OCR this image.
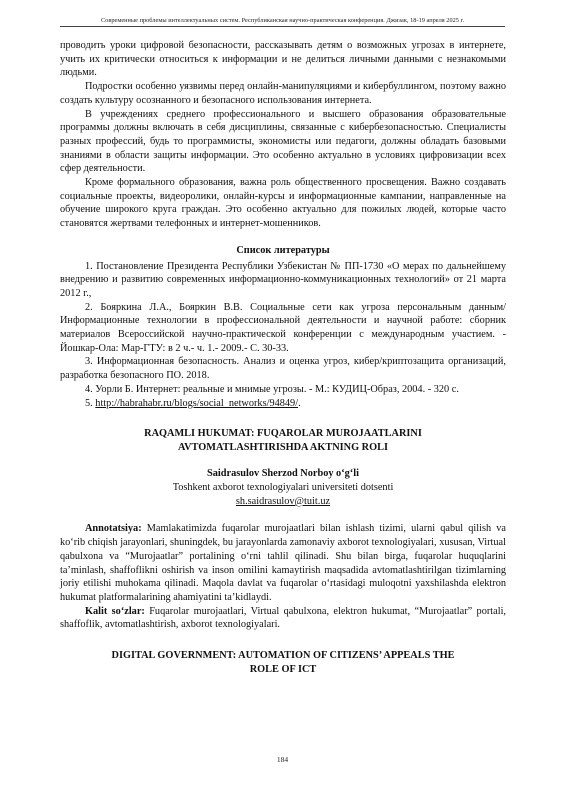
Современные проблемы интеллектуальных систем. Республиканская научно-практическая конференция. Джизак, 18-19 апреля 2025 г.

проводить уроки цифровой безопасности, рассказывать детям о возможных угрозах в интернете, учить их критически относиться к информации и не делиться личными данными с незнакомыми людьми.

Подростки особенно уязвимы перед онлайн-манипуляциями и кибербуллингом, поэтому важно создать культуру осознанного и безопасного использования интернета.

В учреждениях среднего профессионального и высшего образования образовательные программы должны включать в себя дисциплины, связанные с кибербезопасностью. Специалисты разных профессий, будь то программисты, экономисты или педагоги, должны обладать базовыми знаниями в области защиты информации. Это особенно актуально в условиях цифровизации всех сфер деятельности.

Кроме формального образования, важна роль общественного просвещения. Важно создавать социальные проекты, видеоролики, онлайн-курсы и информационные кампании, направленные на обучение широкого круга граждан. Это особенно актуально для пожилых людей, которые часто становятся жертвами телефонных и интернет-мошенников.

Список литературы

1. Постановление Президента Республики Узбекистан № ПП-1730 «О мерах по дальнейшему внедрению и развитию современных информационно-коммуникационных технологий» от 21 марта 2012 г.,

2. Бояркина Л.А., Бояркин В.В. Социальные сети как угроза персональным данным/Информационные технологии в профессиональной деятельности и научной работе: сборник материалов Всероссийской научно-практической конференции с международным участием. - Йошкар-Ола: Мар-ГТУ: в 2 ч.- ч. 1.- 2009.- С. 30-33.

3. Информационная безопасность. Анализ и оценка угроз, кибер/криптозащита организаций, разработка безопасного ПО. 2018.

4. Уорли Б. Интернет: реальные и мнимые угрозы. - М.: КУДИЦ-Образ, 2004. - 320 с.

5. http://habrahabr.ru/blogs/social_networks/94849/.

RAQAMLI HUKUMAT: FUQAROLAR MUROJAATLARINI
AVTOMATLASHTIRISHDA AKTNING ROLI

Saidrasulov Sherzod Norboy o‘g‘li

Toshkent axborot texnologiyalari universiteti dotsenti

sh.saidrasulov@tuit.uz

Annotatsiya: Mamlakatimizda fuqarolar murojaatlari bilan ishlash tizimi, ularni qabul qilish va ko‘rib chiqish jarayonlari, shuningdek, bu jarayonlarda zamonaviy axborot texnologiyalari, xususan, Virtual qabulxona va “Murojaatlar” portalining o‘rni tahlil qilinadi. Shu bilan birga, fuqarolar huquqlarini ta’minlash, shaffoflikni oshirish va inson omilini kamaytirish maqsadida avtomatlashtirilgan tizimlarning joriy etilishi muhokama qilinadi. Maqola davlat va fuqarolar o‘rtasidagi muloqotni yaxshilashda elektron hukumat platformalarining ahamiyatini ta’kidlaydi.

Kalit so‘zlar: Fuqarolar murojaatlari, Virtual qabulxona, elektron hukumat, “Murojaatlar” portali, shaffoflik, avtomatlashtirish, axborot texnologiyalari.

DIGITAL GOVERNMENT: AUTOMATION OF CITIZENS’ APPEALS THE
ROLE OF ICT
184
